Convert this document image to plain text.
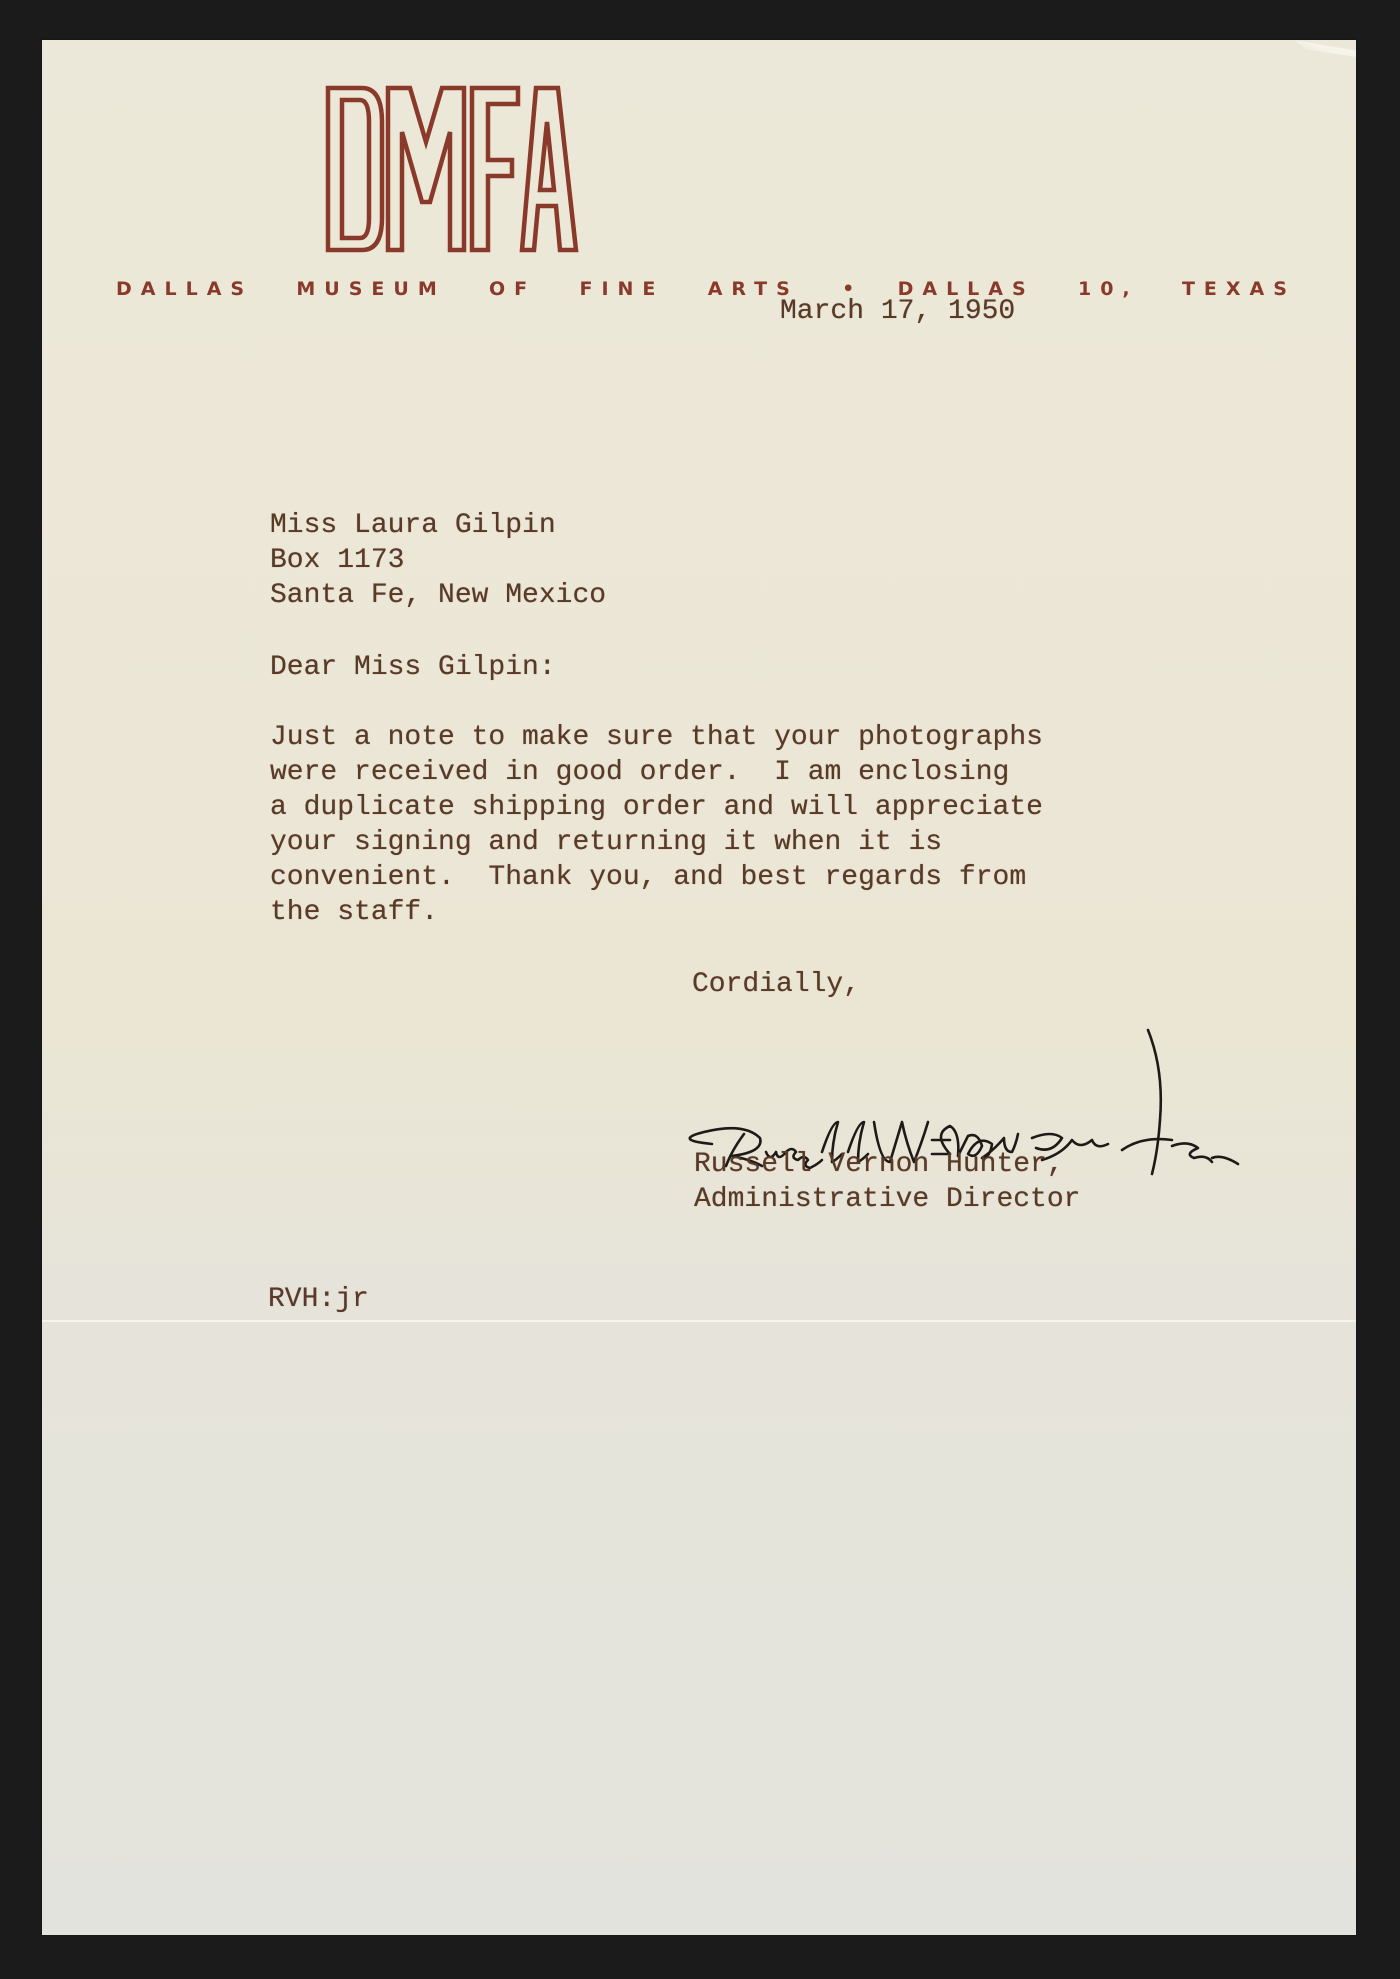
DALLAS MUSEUM OF FINE ARTS • DALLAS 10, TEXAS
March 17, 1950
Miss Laura Gilpin
Box 1173
Santa Fe, New Mexico
Dear Miss Gilpin:
Just a note to make sure that your photographs
were received in good order.  I am enclosing
a duplicate shipping order and will appreciate
your signing and returning it when it is
convenient.  Thank you, and best regards from
the staff.
Cordially,
Russell Vernon Hunter,
Administrative Director
RVH:jr
